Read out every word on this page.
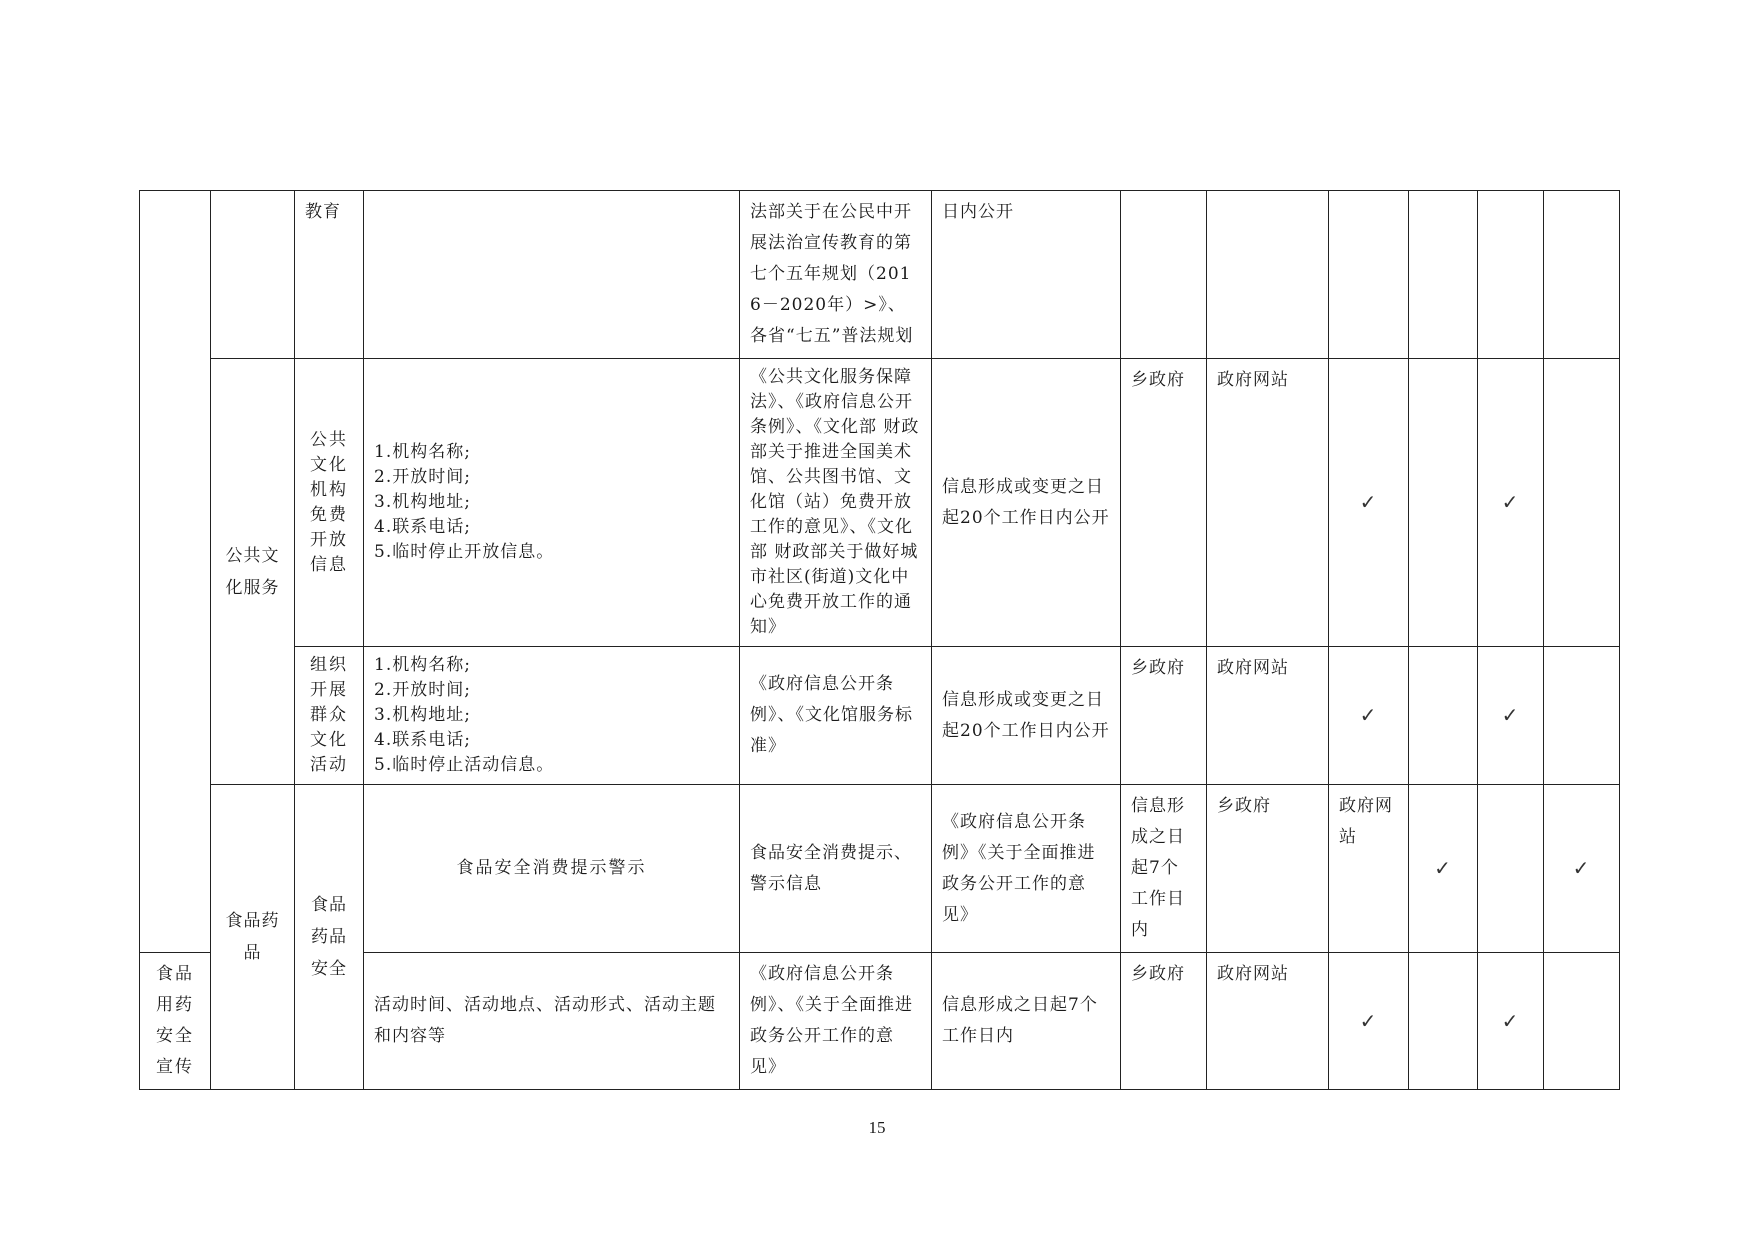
		教育		法部关于在公民中开展法治宣传教育的第七个五年规划（2016－2020年）>》、各省“七五”普法规划	日内公开							
	公共文化服务	公共文化机构免费开放信息	1.机构名称;
2.开放时间;
3.机构地址;
4.联系电话;
5.临时停止开放信息。	《公共文化服务保障法》、《政府信息公开条例》、《文化部 财政部关于推进全国美术馆、公共图书馆、文化馆（站）免费开放工作的意见》、《文化部 财政部关于做好城市社区(街道)文化中心免费开放工作的通知》	信息形成或变更之日起20个工作日内公开	乡政府	政府网站	✓		✓		
		组织开展群众文化活动	1.机构名称;
2.开放时间;
3.机构地址;
4.联系电话;
5.临时停止活动信息。	《政府信息公开条例》、《文化馆服务标准》	信息形成或变更之日起20个工作日内公开	乡政府	政府网站	✓		✓		
	食品药品	食品药品安全	食品安全消费提示警示	食品安全消费提示、警示信息	《政府信息公开条例》《关于全面推进政务公开工作的意见》	信息形成之日起7个工作日内	乡政府	政府网站	✓		✓	
食品用药安全宣传			活动时间、活动地点、活动形式、活动主题和内容等	《政府信息公开条例》、《关于全面推进政务公开工作的意见》	信息形成之日起7个工作日内	乡政府	政府网站	✓		✓		
15
